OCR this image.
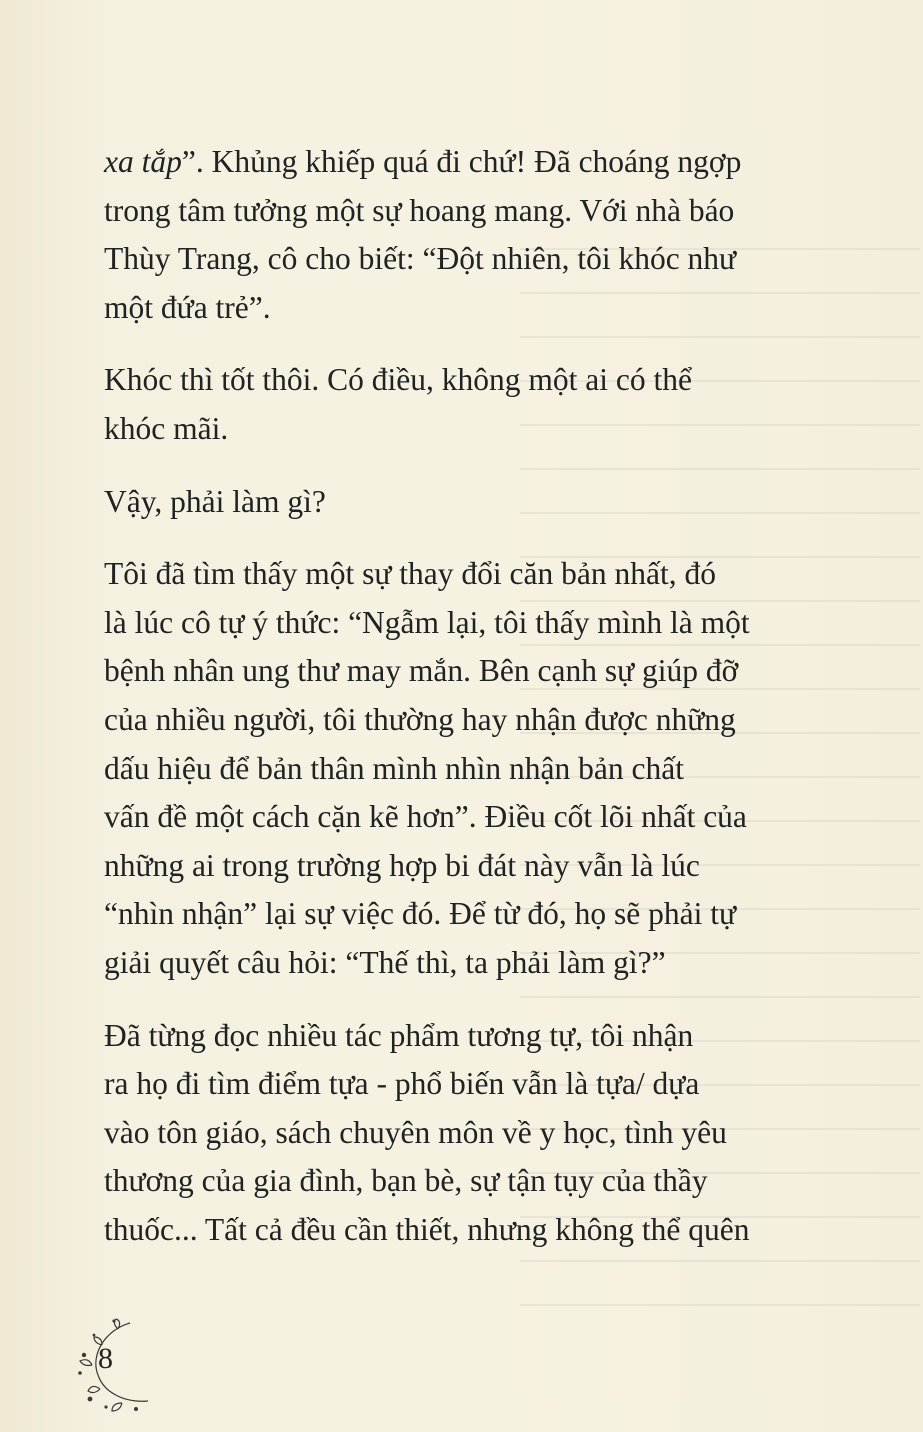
xa tắp”. Khủng khiếp quá đi chứ! Đã choáng ngợp
trong tâm tưởng một sự hoang mang. Với nhà báo
Thùy Trang, cô cho biết: “Đột nhiên, tôi khóc như
một đứa trẻ”.

Khóc thì tốt thôi. Có điều, không một ai có thể
khóc mãi.

Vậy, phải làm gì?

Tôi đã tìm thấy một sự thay đổi căn bản nhất, đó
là lúc cô tự ý thức: “Ngẫm lại, tôi thấy mình là một
bệnh nhân ung thư may mắn. Bên cạnh sự giúp đỡ
của nhiều người, tôi thường hay nhận được những
dấu hiệu để bản thân mình nhìn nhận bản chất
vấn đề một cách cặn kẽ hơn”. Điều cốt lõi nhất của
những ai trong trường hợp bi đát này vẫn là lúc
“nhìn nhận” lại sự việc đó. Để từ đó, họ sẽ phải tự
giải quyết câu hỏi: “Thế thì, ta phải làm gì?”

Đã từng đọc nhiều tác phẩm tương tự, tôi nhận
ra họ đi tìm điểm tựa - phổ biến vẫn là tựa/ dựa
vào tôn giáo, sách chuyên môn về y học, tình yêu
thương của gia đình, bạn bè, sự tận tụy của thầy
thuốc... Tất cả đều cần thiết, nhưng không thể quên

8
